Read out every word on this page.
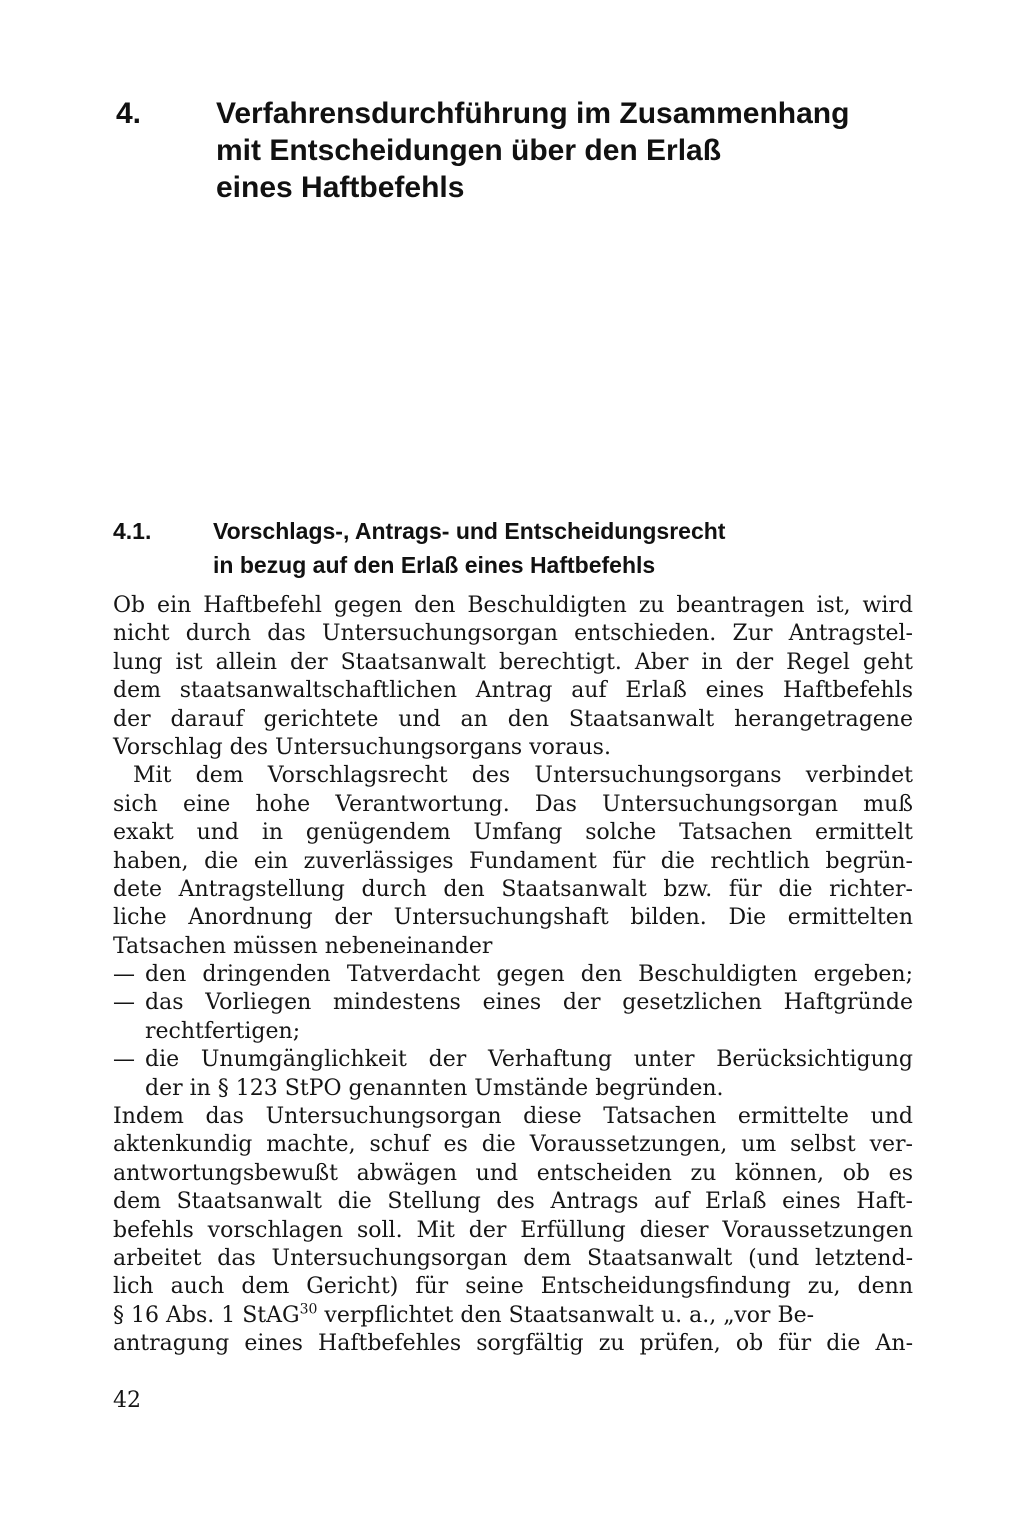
4. Verfahrensdurchführung im Zusammenhang
mit Entscheidungen über den Erlaß
eines Haftbefehls
4.1.	Vorschlags-, Antrags- und Entscheidungsrecht
in bezug auf den Erlaß eines Haftbefehls
Ob ein Haftbefehl gegen den Beschuldigten zu beantragen ist, wird
nicht durch das Untersuchungsorgan entschieden. Zur Antragstel-
lung ist allein der Staatsanwalt berechtigt. Aber in der Regel geht
dem staatsanwaltschaftlichen Antrag auf Erlaß eines Haftbefehls
der darauf gerichtete und an den Staatsanwalt herangetragene
Vorschlag des Untersuchungsorgans voraus.
Mit dem Vorschlagsrecht des Untersuchungsorgans verbindet
sich eine hohe Verantwortung. Das Untersuchungsorgan muß
exakt und in genügendem Umfang solche Tatsachen ermittelt
haben, die ein zuverlässiges Fundament für die rechtlich begrün-
dete Antragstellung durch den Staatsanwalt bzw. für die richter-
liche Anordnung der Untersuchungshaft bilden. Die ermittelten
Tatsachen müssen nebeneinander
— den dringenden Tatverdacht gegen den Beschuldigten ergeben;
— das Vorliegen mindestens eines der gesetzlichen Haftgründe
rechtfertigen;
— die Unumgänglichkeit der Verhaftung unter Berücksichtigung
der in § 123 StPO genannten Umstände begründen.
Indem das Untersuchungsorgan diese Tatsachen ermittelte und
aktenkundig machte, schuf es die Voraussetzungen, um selbst ver-
antwortungsbewußt abwägen und entscheiden zu können, ob es
dem Staatsanwalt die Stellung des Antrags auf Erlaß eines Haft-
befehls vorschlagen soll. Mit der Erfüllung dieser Voraussetzungen
arbeitet das Untersuchungsorgan dem Staatsanwalt (und letztend-
lich auch dem Gericht) für seine Entscheidungsfindung zu, denn
§ 16 Abs. 1 StAG$^{30}$ verpflichtet den Staatsanwalt u. a., „vor Be-
antragung eines Haftbefehles sorgfältig zu prüfen, ob für die An-
42
